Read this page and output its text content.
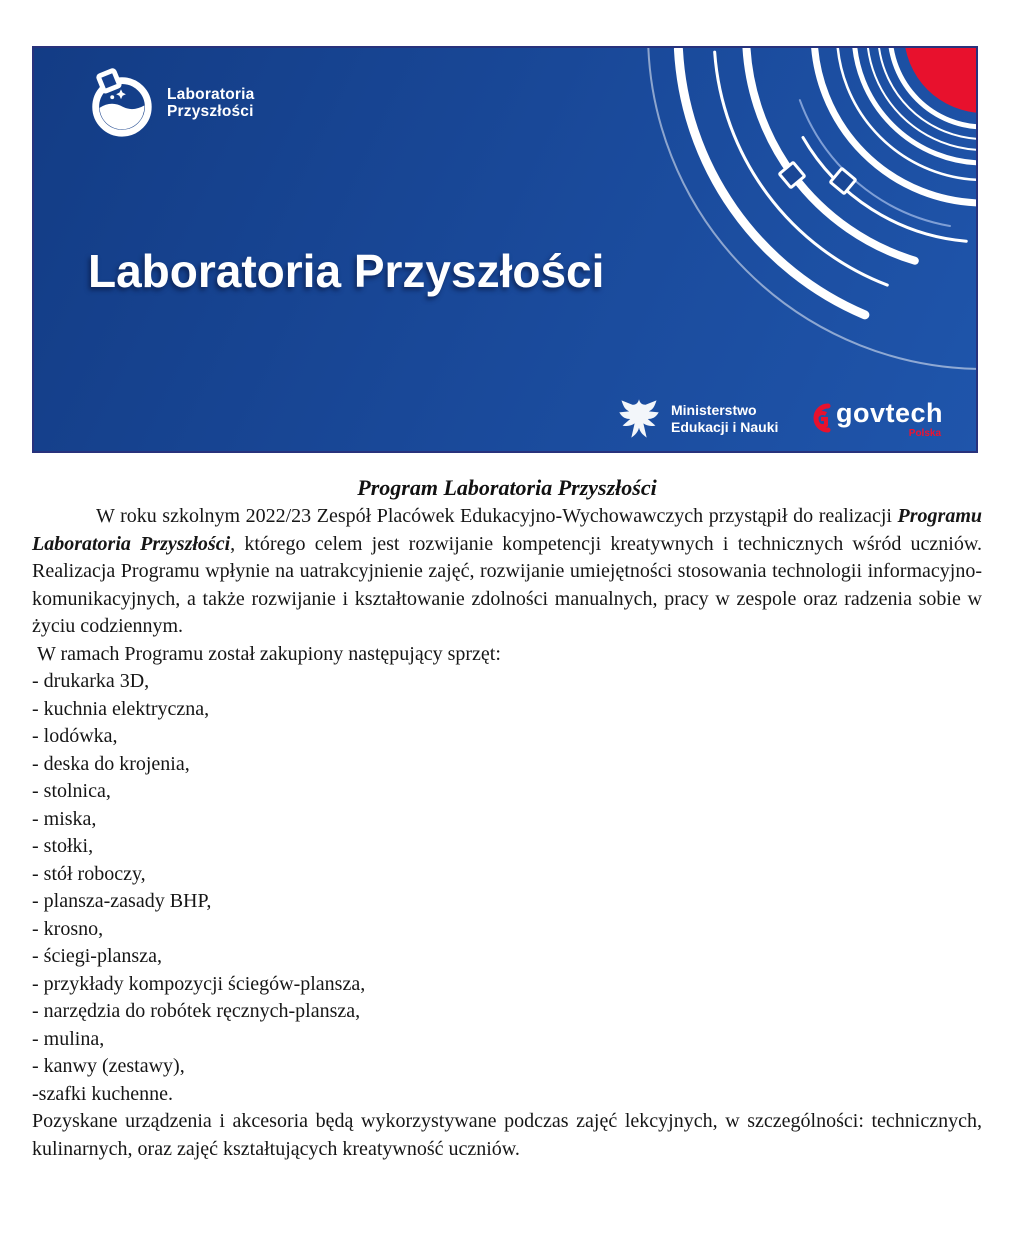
Laboratoria
Przyszłości
Laboratoria Przyszłości
Ministerstwo
Edukacji i Nauki govtech
Polska
Program Laboratoria Przyszłości

W roku szkolnym 2022/23 Zespół Placówek Edukacyjno-Wychowawczych przystąpił do realizacji Programu Laboratoria Przyszłości, którego celem jest rozwijanie kompetencji kreatywnych i technicznych wśród uczniów. Realizacja Programu wpłynie na uatrakcyjnienie zajęć, rozwijanie umiejętności stosowania technologii informacyjno-komunikacyjnych, a także rozwijanie i kształtowanie zdolności manualnych, pracy w zespole oraz radzenia sobie w życiu codziennym.

W ramach Programu został zakupiony następujący sprzęt:

- drukarka 3D,
- kuchnia elektryczna,
- lodówka,
- deska do krojenia,
- stolnica,
- miska,
- stołki,
- stół roboczy,
- plansza-zasady BHP,
- krosno,
- ściegi-plansza,
- przykłady kompozycji ściegów-plansza,
- narzędzia do robótek ręcznych-plansza,
- mulina,
- kanwy (zestawy),
-szafki kuchenne.

Pozyskane urządzenia i akcesoria będą wykorzystywane podczas zajęć lekcyjnych, w szczególności: technicznych, kulinarnych, oraz zajęć kształtujących kreatywność uczniów.
